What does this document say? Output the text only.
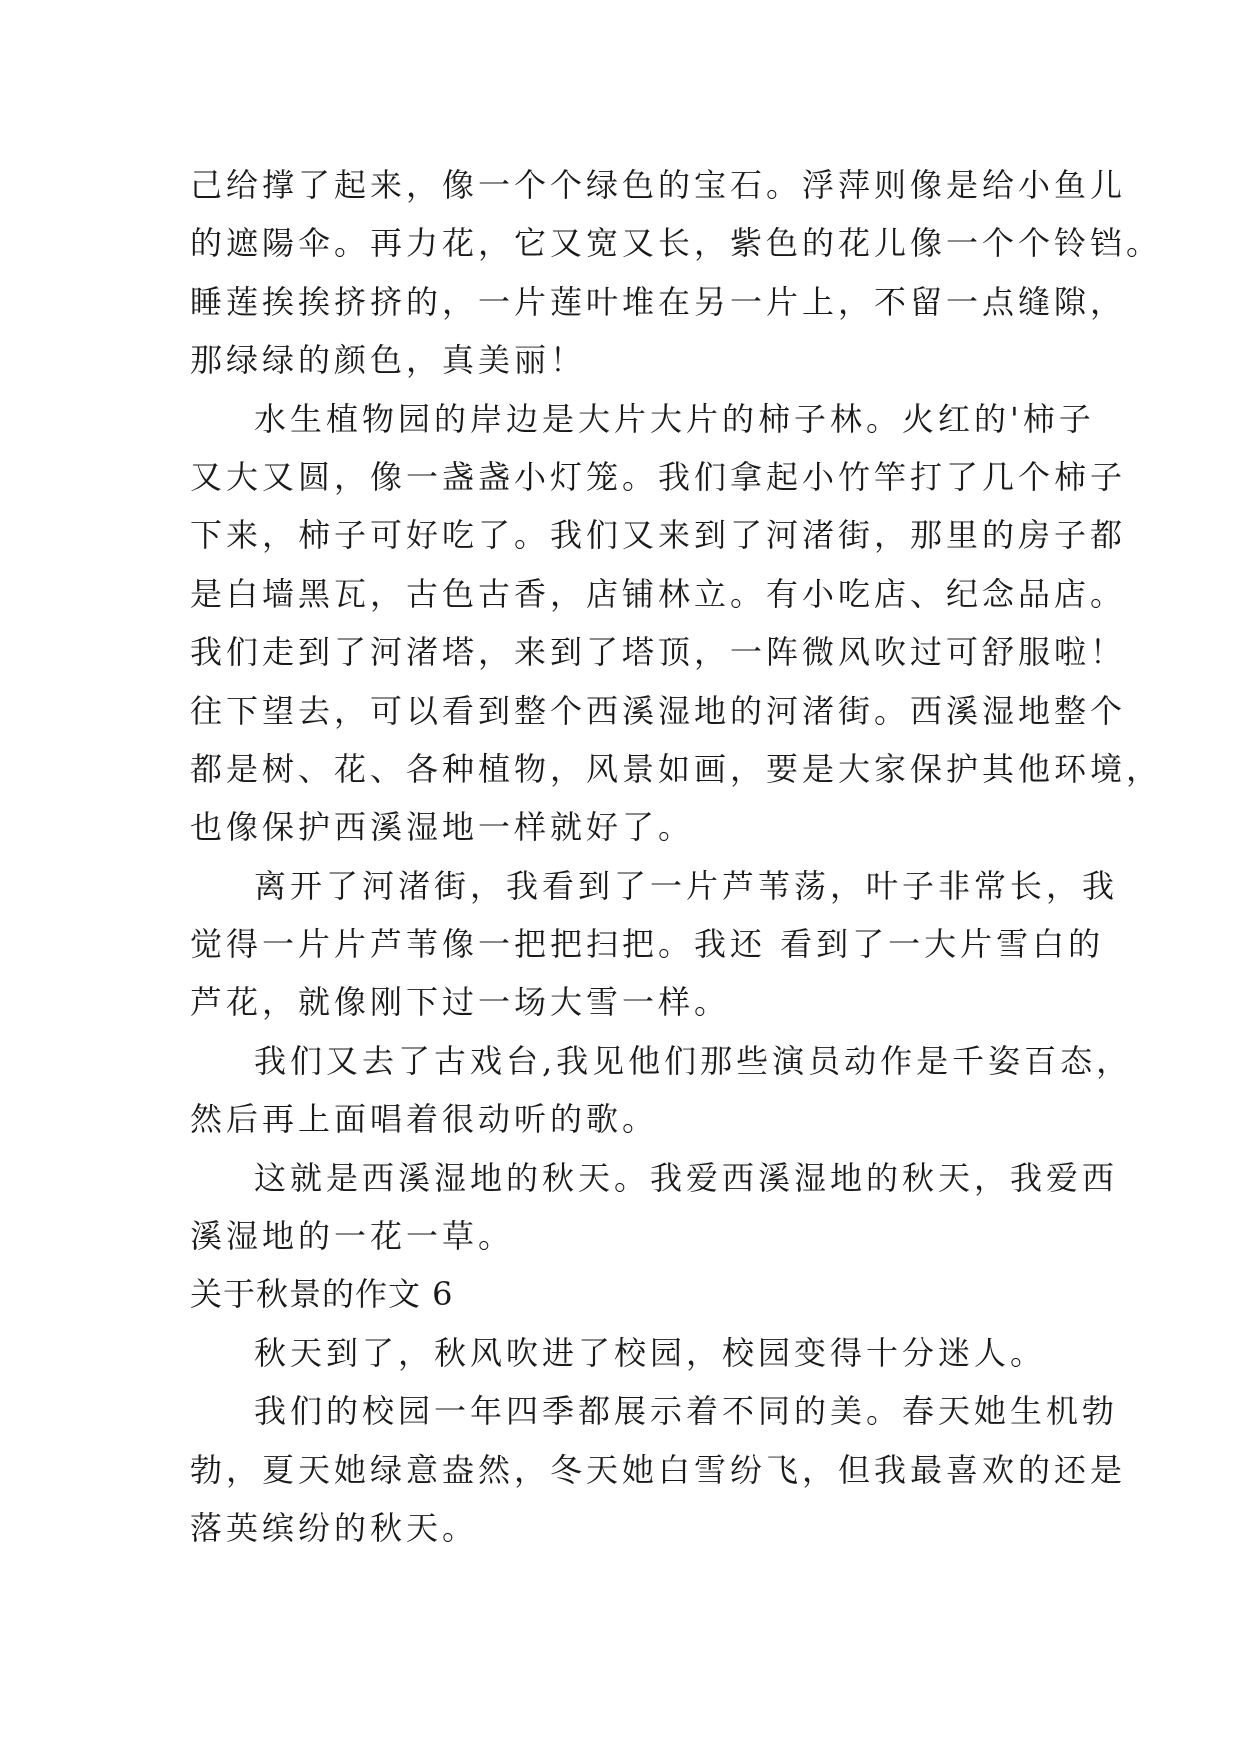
己给撑了起来，像一个个绿色的宝石。浮萍则像是给小鱼儿
的遮陽伞。再力花，它又宽又长，紫色的花儿像一个个铃铛。
睡莲挨挨挤挤的，一片莲叶堆在另一片上，不留一点缝隙，
那绿绿的颜色，真美丽！
水生植物园的岸边是大片大片的柿子林。火红的'柿子
又大又圆，像一盏盏小灯笼。我们拿起小竹竿打了几个柿子
下来，柿子可好吃了。我们又来到了河渚街，那里的房子都
是白墙黑瓦，古色古香，店铺林立。有小吃店、纪念品店。
我们走到了河渚塔，来到了塔顶，一阵微风吹过可舒服啦！
往下望去，可以看到整个西溪湿地的河渚街。西溪湿地整个
都是树、花、各种植物，风景如画，要是大家保护其他环境，
也像保护西溪湿地一样就好了。
离开了河渚街，我看到了一片芦苇荡，叶子非常长，我
觉得一片片芦苇像一把把扫把。我还 看到了一大片雪白的
芦花，就像刚下过一场大雪一样。
我们又去了古戏台,我见他们那些演员动作是千姿百态，
然后再上面唱着很动听的歌。
这就是西溪湿地的秋天。我爱西溪湿地的秋天，我爱西
溪湿地的一花一草。
关于秋景的作文 6
秋天到了，秋风吹进了校园，校园变得十分迷人。
我们的校园一年四季都展示着不同的美。春天她生机勃
勃，夏天她绿意盎然，冬天她白雪纷飞，但我最喜欢的还是
落英缤纷的秋天。
